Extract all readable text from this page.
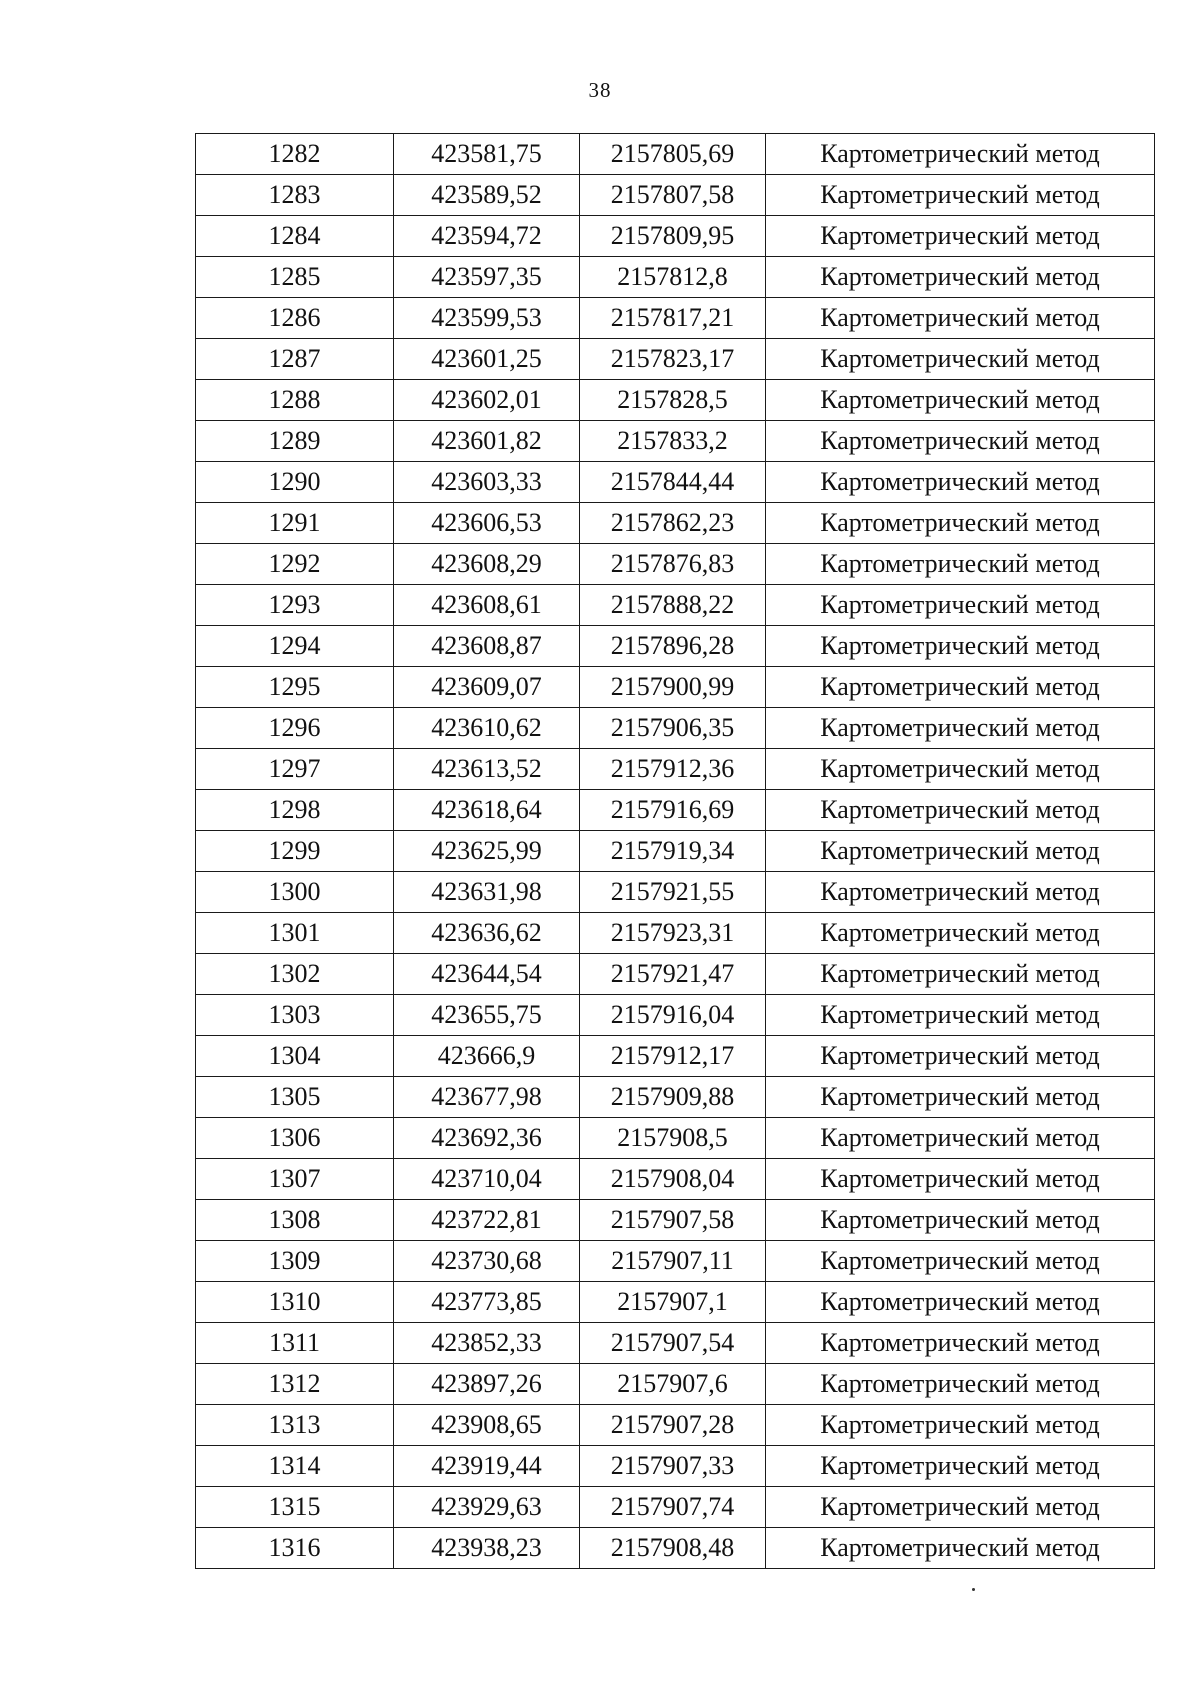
38
1282	423581,75	2157805,69	Картометрический метод
1283	423589,52	2157807,58	Картометрический метод
1284	423594,72	2157809,95	Картометрический метод
1285	423597,35	2157812,8	Картометрический метод
1286	423599,53	2157817,21	Картометрический метод
1287	423601,25	2157823,17	Картометрический метод
1288	423602,01	2157828,5	Картометрический метод
1289	423601,82	2157833,2	Картометрический метод
1290	423603,33	2157844,44	Картометрический метод
1291	423606,53	2157862,23	Картометрический метод
1292	423608,29	2157876,83	Картометрический метод
1293	423608,61	2157888,22	Картометрический метод
1294	423608,87	2157896,28	Картометрический метод
1295	423609,07	2157900,99	Картометрический метод
1296	423610,62	2157906,35	Картометрический метод
1297	423613,52	2157912,36	Картометрический метод
1298	423618,64	2157916,69	Картометрический метод
1299	423625,99	2157919,34	Картометрический метод
1300	423631,98	2157921,55	Картометрический метод
1301	423636,62	2157923,31	Картометрический метод
1302	423644,54	2157921,47	Картометрический метод
1303	423655,75	2157916,04	Картометрический метод
1304	423666,9	2157912,17	Картометрический метод
1305	423677,98	2157909,88	Картометрический метод
1306	423692,36	2157908,5	Картометрический метод
1307	423710,04	2157908,04	Картометрический метод
1308	423722,81	2157907,58	Картометрический метод
1309	423730,68	2157907,11	Картометрический метод
1310	423773,85	2157907,1	Картометрический метод
1311	423852,33	2157907,54	Картометрический метод
1312	423897,26	2157907,6	Картометрический метод
1313	423908,65	2157907,28	Картометрический метод
1314	423919,44	2157907,33	Картометрический метод
1315	423929,63	2157907,74	Картометрический метод
1316	423938,23	2157908,48	Картометрический метод
